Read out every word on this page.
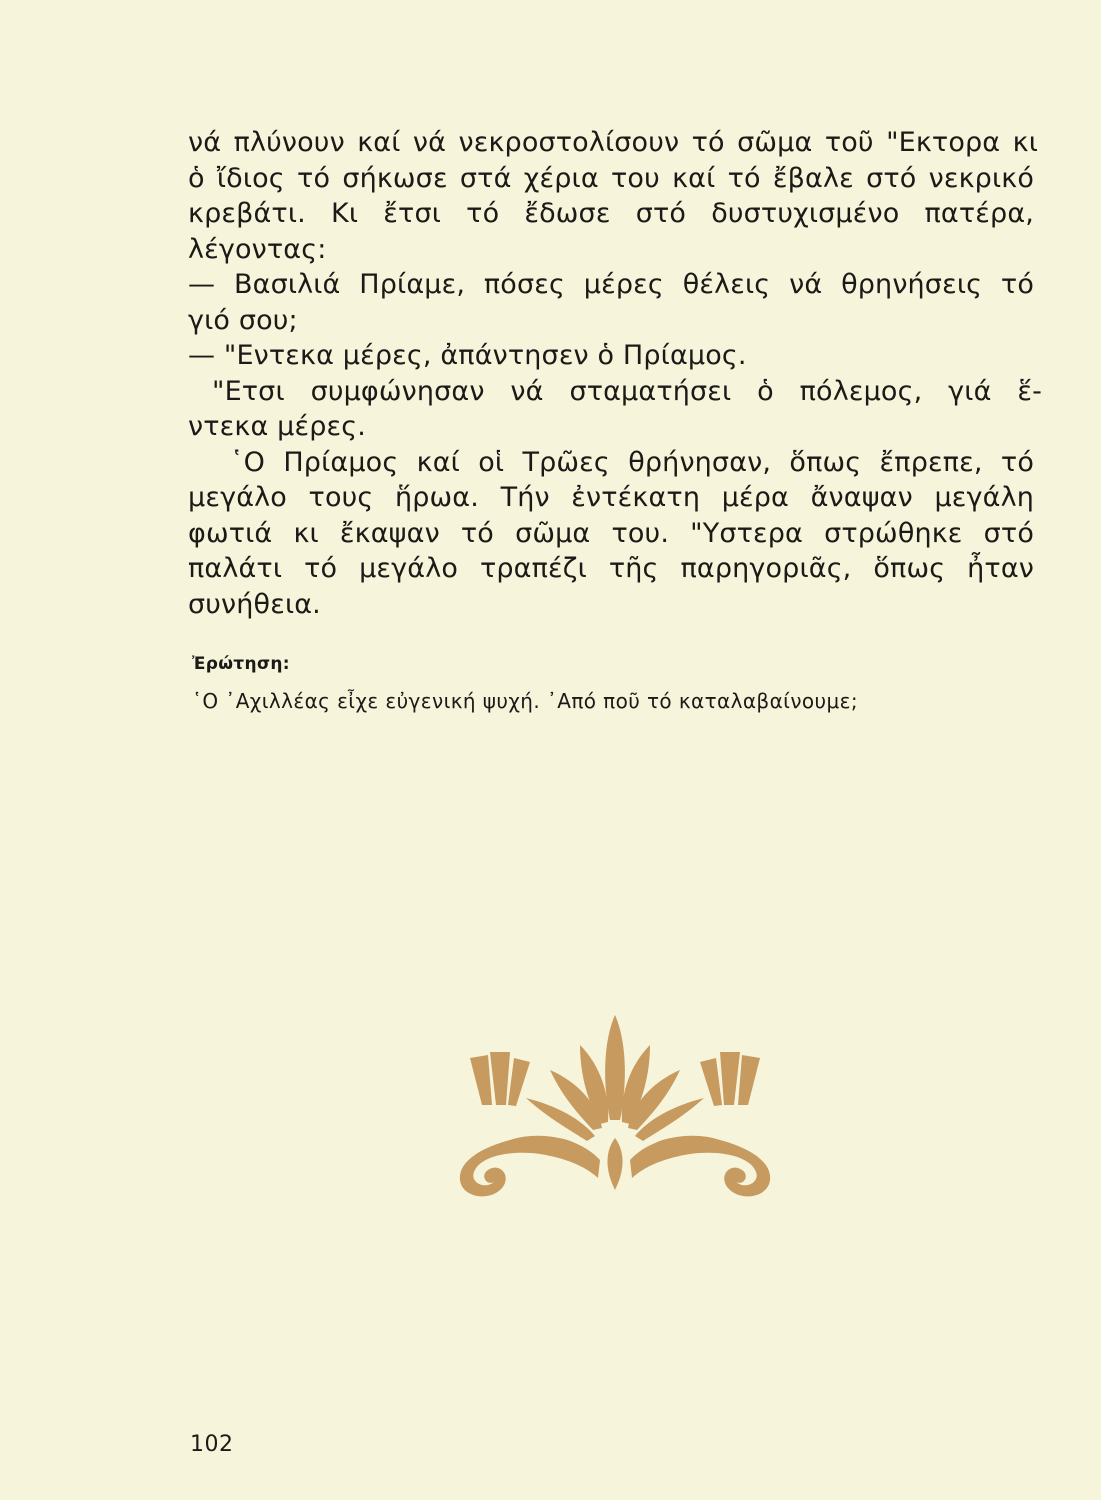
νά πλύνουν καί νά νεκροστολίσουν τό σῶμα τοῦ "Εκτορα κι
ὁ ἴδιος τό σήκωσε στά χέρια του καί τό ἔβαλε στό νεκρικό
κρεβάτι. Κι ἔτσι τό ἔδωσε στό δυστυχισμένο πατέρα,
λέγοντας:
— Βασιλιά Πρίαμε, πόσες μέρες θέλεις νά θρηνήσεις τό
γιό σου;
— "Εντεκα μέρες, ἀπάντησεν ὁ Πρίαμος.
"Ετσι συμφώνησαν νά σταματήσει ὁ πόλεμος, γιά ἕ-
ντεκα μέρες.
῾Ο Πρίαμος καί οἱ Τρῶες θρήνησαν, ὅπως ἔπρεπε, τό
μεγάλο τους ἥρωα. Τήν ἐντέκατη μέρα ἄναψαν μεγάλη
φωτιά κι ἔκαψαν τό σῶμα του. "Υστερα στρώθηκε στό
παλάτι τό μεγάλο τραπέζι τῆς παρηγοριᾶς, ὅπως ἦταν
συνήθεια.
Ἐρώτηση:
῾Ο ᾿Αχιλλέας εἶχε εὐγενική ψυχή. ᾿Από ποῦ τό καταλαβαίνουμε;
102
